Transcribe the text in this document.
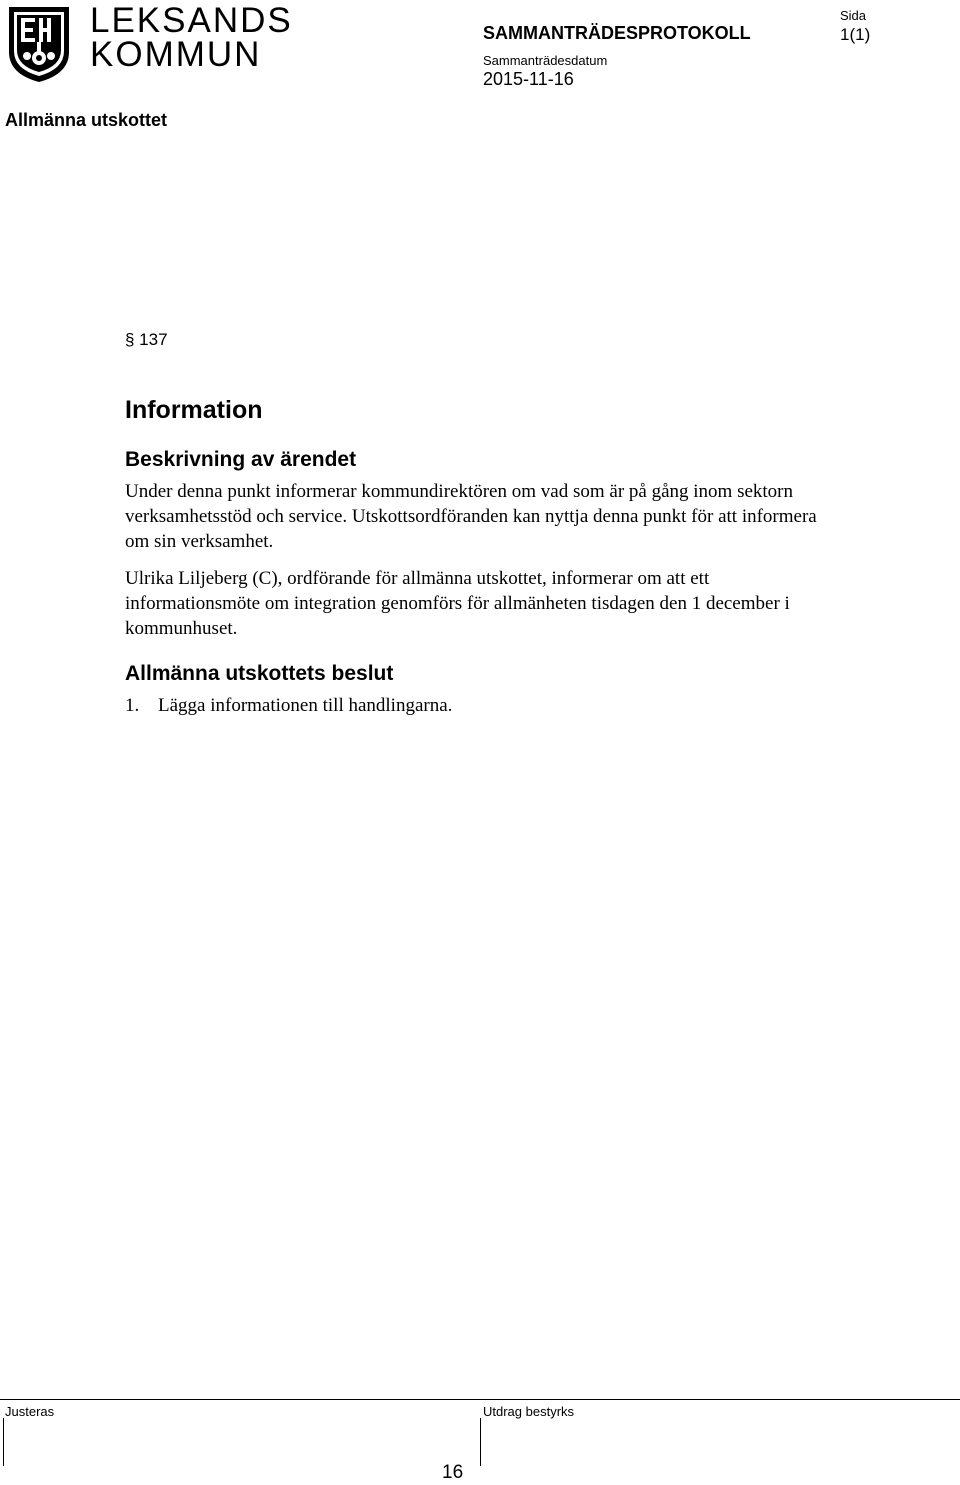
LEKSANDS
KOMMUN
SAMMANTRÄDESPROTOKOLL
Sammanträdesdatum
2015-11-16
Sida
1(1)
Allmänna utskottet
§ 137
Information
Beskrivning av ärendet

Under denna punkt informerar kommundirektören om vad som är på gång inom sektorn verksamhetsstöd och service. Utskottsordföranden kan nyttja denna punkt för att informera om sin verksamhet.

Ulrika Liljeberg (C), ordförande för allmänna utskottet, informerar om att ett informationsmöte om integration genomförs för allmänheten tisdagen den 1 december i kommunhuset.

Allmänna utskottets beslut
1. Lägga informationen till handlingarna.
Justeras	Utdrag bestyrks
16
